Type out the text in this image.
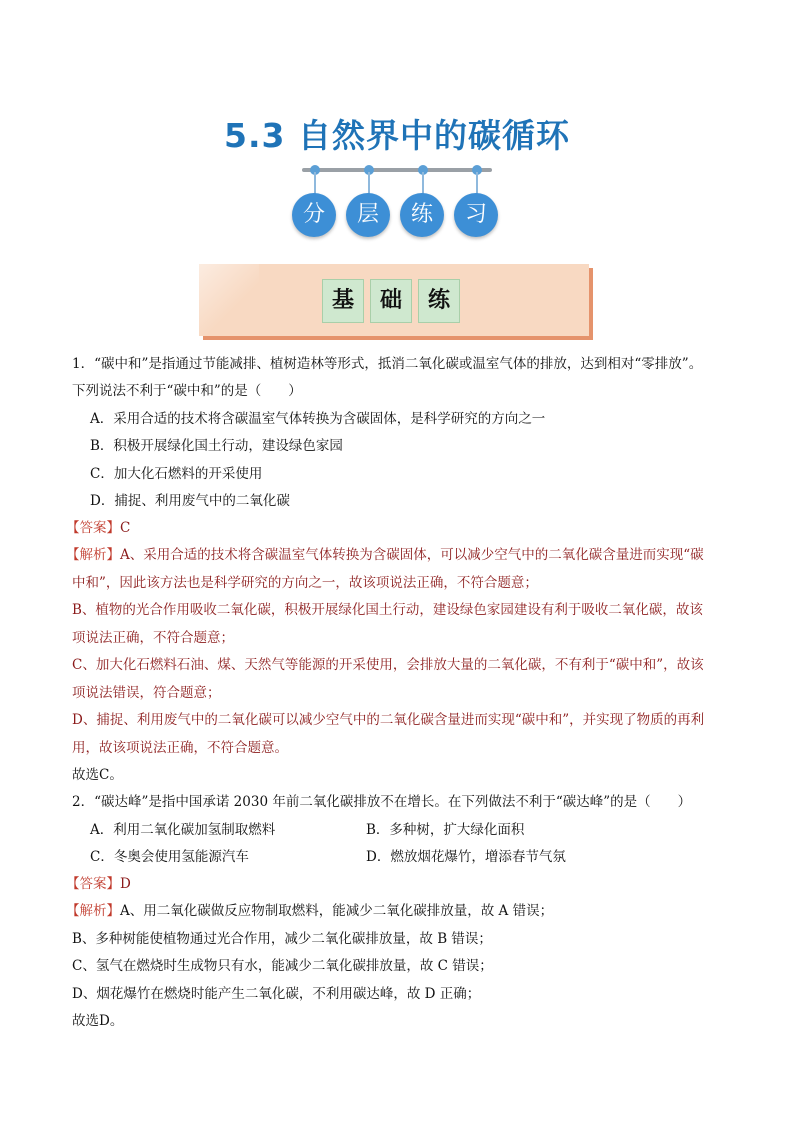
5.3 自然界中的碳循环
分	层	练	习
基	础	练
1．“碳中和”是指通过节能减排、植树造林等形式，抵消二氧化碳或温室气体的排放，达到相对“零排放”。
下列说法不利于“碳中和”的是（　　）
A．采用合适的技术将含碳温室气体转换为含碳固体，是科学研究的方向之一
B．积极开展绿化国土行动，建设绿色家园
C．加大化石燃料的开采使用
D．捕捉、利用废气中的二氧化碳
【答案】C
【解析】A、采用合适的技术将含碳温室气体转换为含碳固体，可以减少空气中的二氧化碳含量进而实现“碳
中和”，因此该方法也是科学研究的方向之一，故该项说法正确，不符合题意；
B、植物的光合作用吸收二氧化碳，积极开展绿化国土行动，建设绿色家园建设有利于吸收二氧化碳，故该
项说法正确，不符合题意；
C、加大化石燃料石油、煤、天然气等能源的开采使用，会排放大量的二氧化碳，不有利于“碳中和”，故该
项说法错误，符合题意；
D、捕捉、利用废气中的二氧化碳可以减少空气中的二氧化碳含量进而实现“碳中和”，并实现了物质的再利
用，故该项说法正确，不符合题意。
故选C。
2．“碳达峰”是指中国承诺 2030 年前二氧化碳排放不在增长。在下列做法不利于“碳达峰”的是（　　）
A．利用二氧化碳加氢制取燃料	B．多种树，扩大绿化面积
C．冬奥会使用氢能源汽车	D．燃放烟花爆竹，增添春节气氛
【答案】D
【解析】A、用二氧化碳做反应物制取燃料，能减少二氧化碳排放量，故 A 错误；
B、多种树能使植物通过光合作用，减少二氧化碳排放量，故 B 错误；
C、氢气在燃烧时生成物只有水，能减少二氧化碳排放量，故 C 错误；
D、烟花爆竹在燃烧时能产生二氧化碳，不利用碳达峰，故 D 正确；
故选D。
